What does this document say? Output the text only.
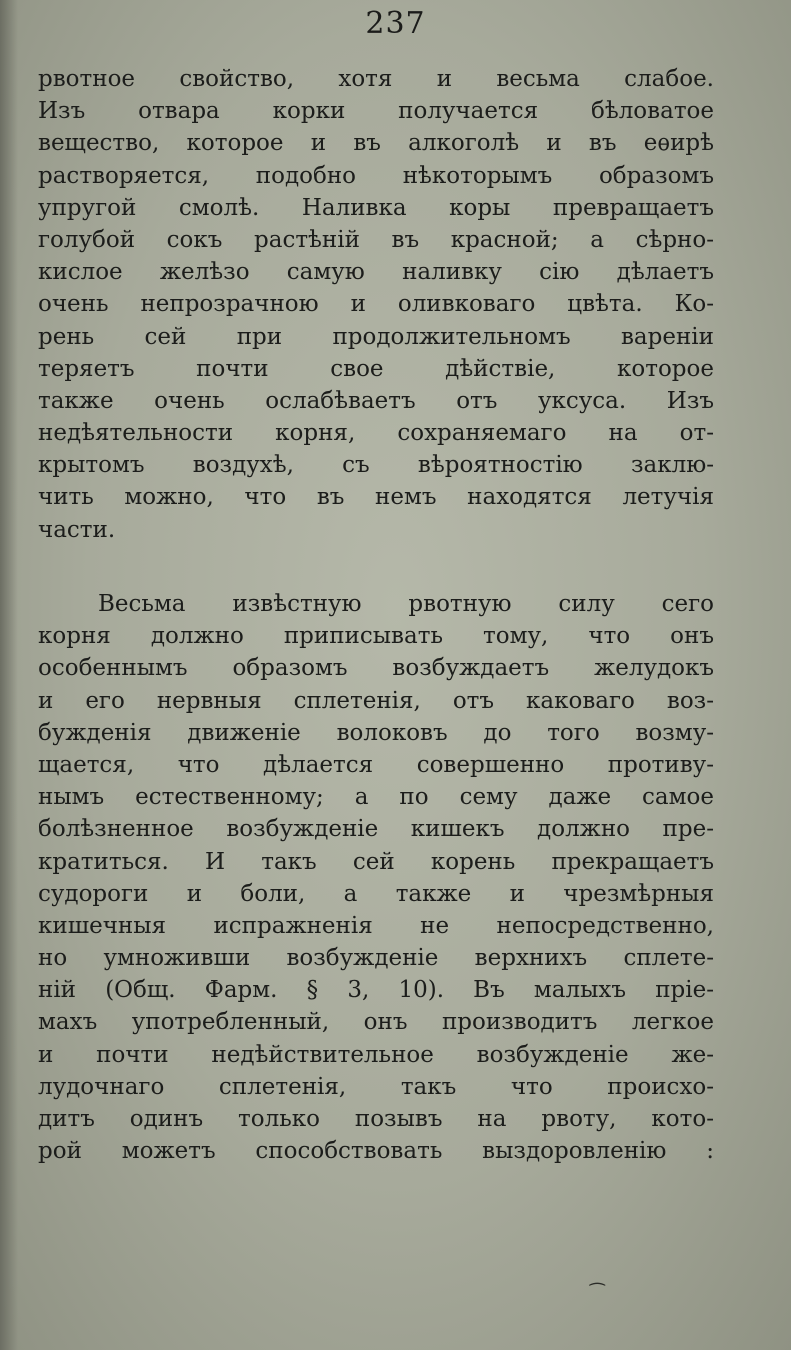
237
рвотное свойство, хотя и весьма слабое.
Изъ отвара корки получается бѣловатое
вещество, которое и въ алкоголѣ и въ еѳирѣ
растворяется, подобно нѣкоторымъ образомъ
упругой смолѣ. Наливка коры превращаетъ
голубой сокъ растѣній въ красной; а сѣрно-
кислое желѣзо самую наливку сію дѣлаетъ
очень непрозрачною и оливковаго цвѣта. Ко-
рень сей при продолжительномъ вареніи
теряетъ почти свое дѣйствіе, которое
также очень ослабѣваетъ отъ уксуса. Изъ
недѣятельности корня, сохраняемаго на от-
крытомъ воздухѣ, съ вѣроятностію заклю-
чить можно, что въ немъ находятся летучія
части.
Весьма извѣстную рвотную силу сего
корня должно приписывать тому, что онъ
особеннымъ образомъ возбуждаетъ желудокъ
и его нервныя сплетенія, отъ каковаго воз-
бужденія движеніе волоковъ до того возму-
щается, что дѣлается совершенно противу-
нымъ естественному; а по сему даже самое
болѣзненное возбужденіе кишекъ должно пре-
кратиться. И такъ сей корень прекращаетъ
судороги и боли, а также и чрезмѣрныя
кишечныя испражненія не непосредственно,
но умноживши возбужденіе верхнихъ сплете-
ній (Общ. Фарм. § 3, 10). Въ малыхъ пріе-
махъ употребленный, онъ производитъ легкое
и почти недѣйствительное возбужденіе же-
лудочнаго сплетенія, такъ что происхо-
дитъ одинъ только позывъ на рвоту, кото-
рой можетъ способствовать выздоровленію :
⁀
